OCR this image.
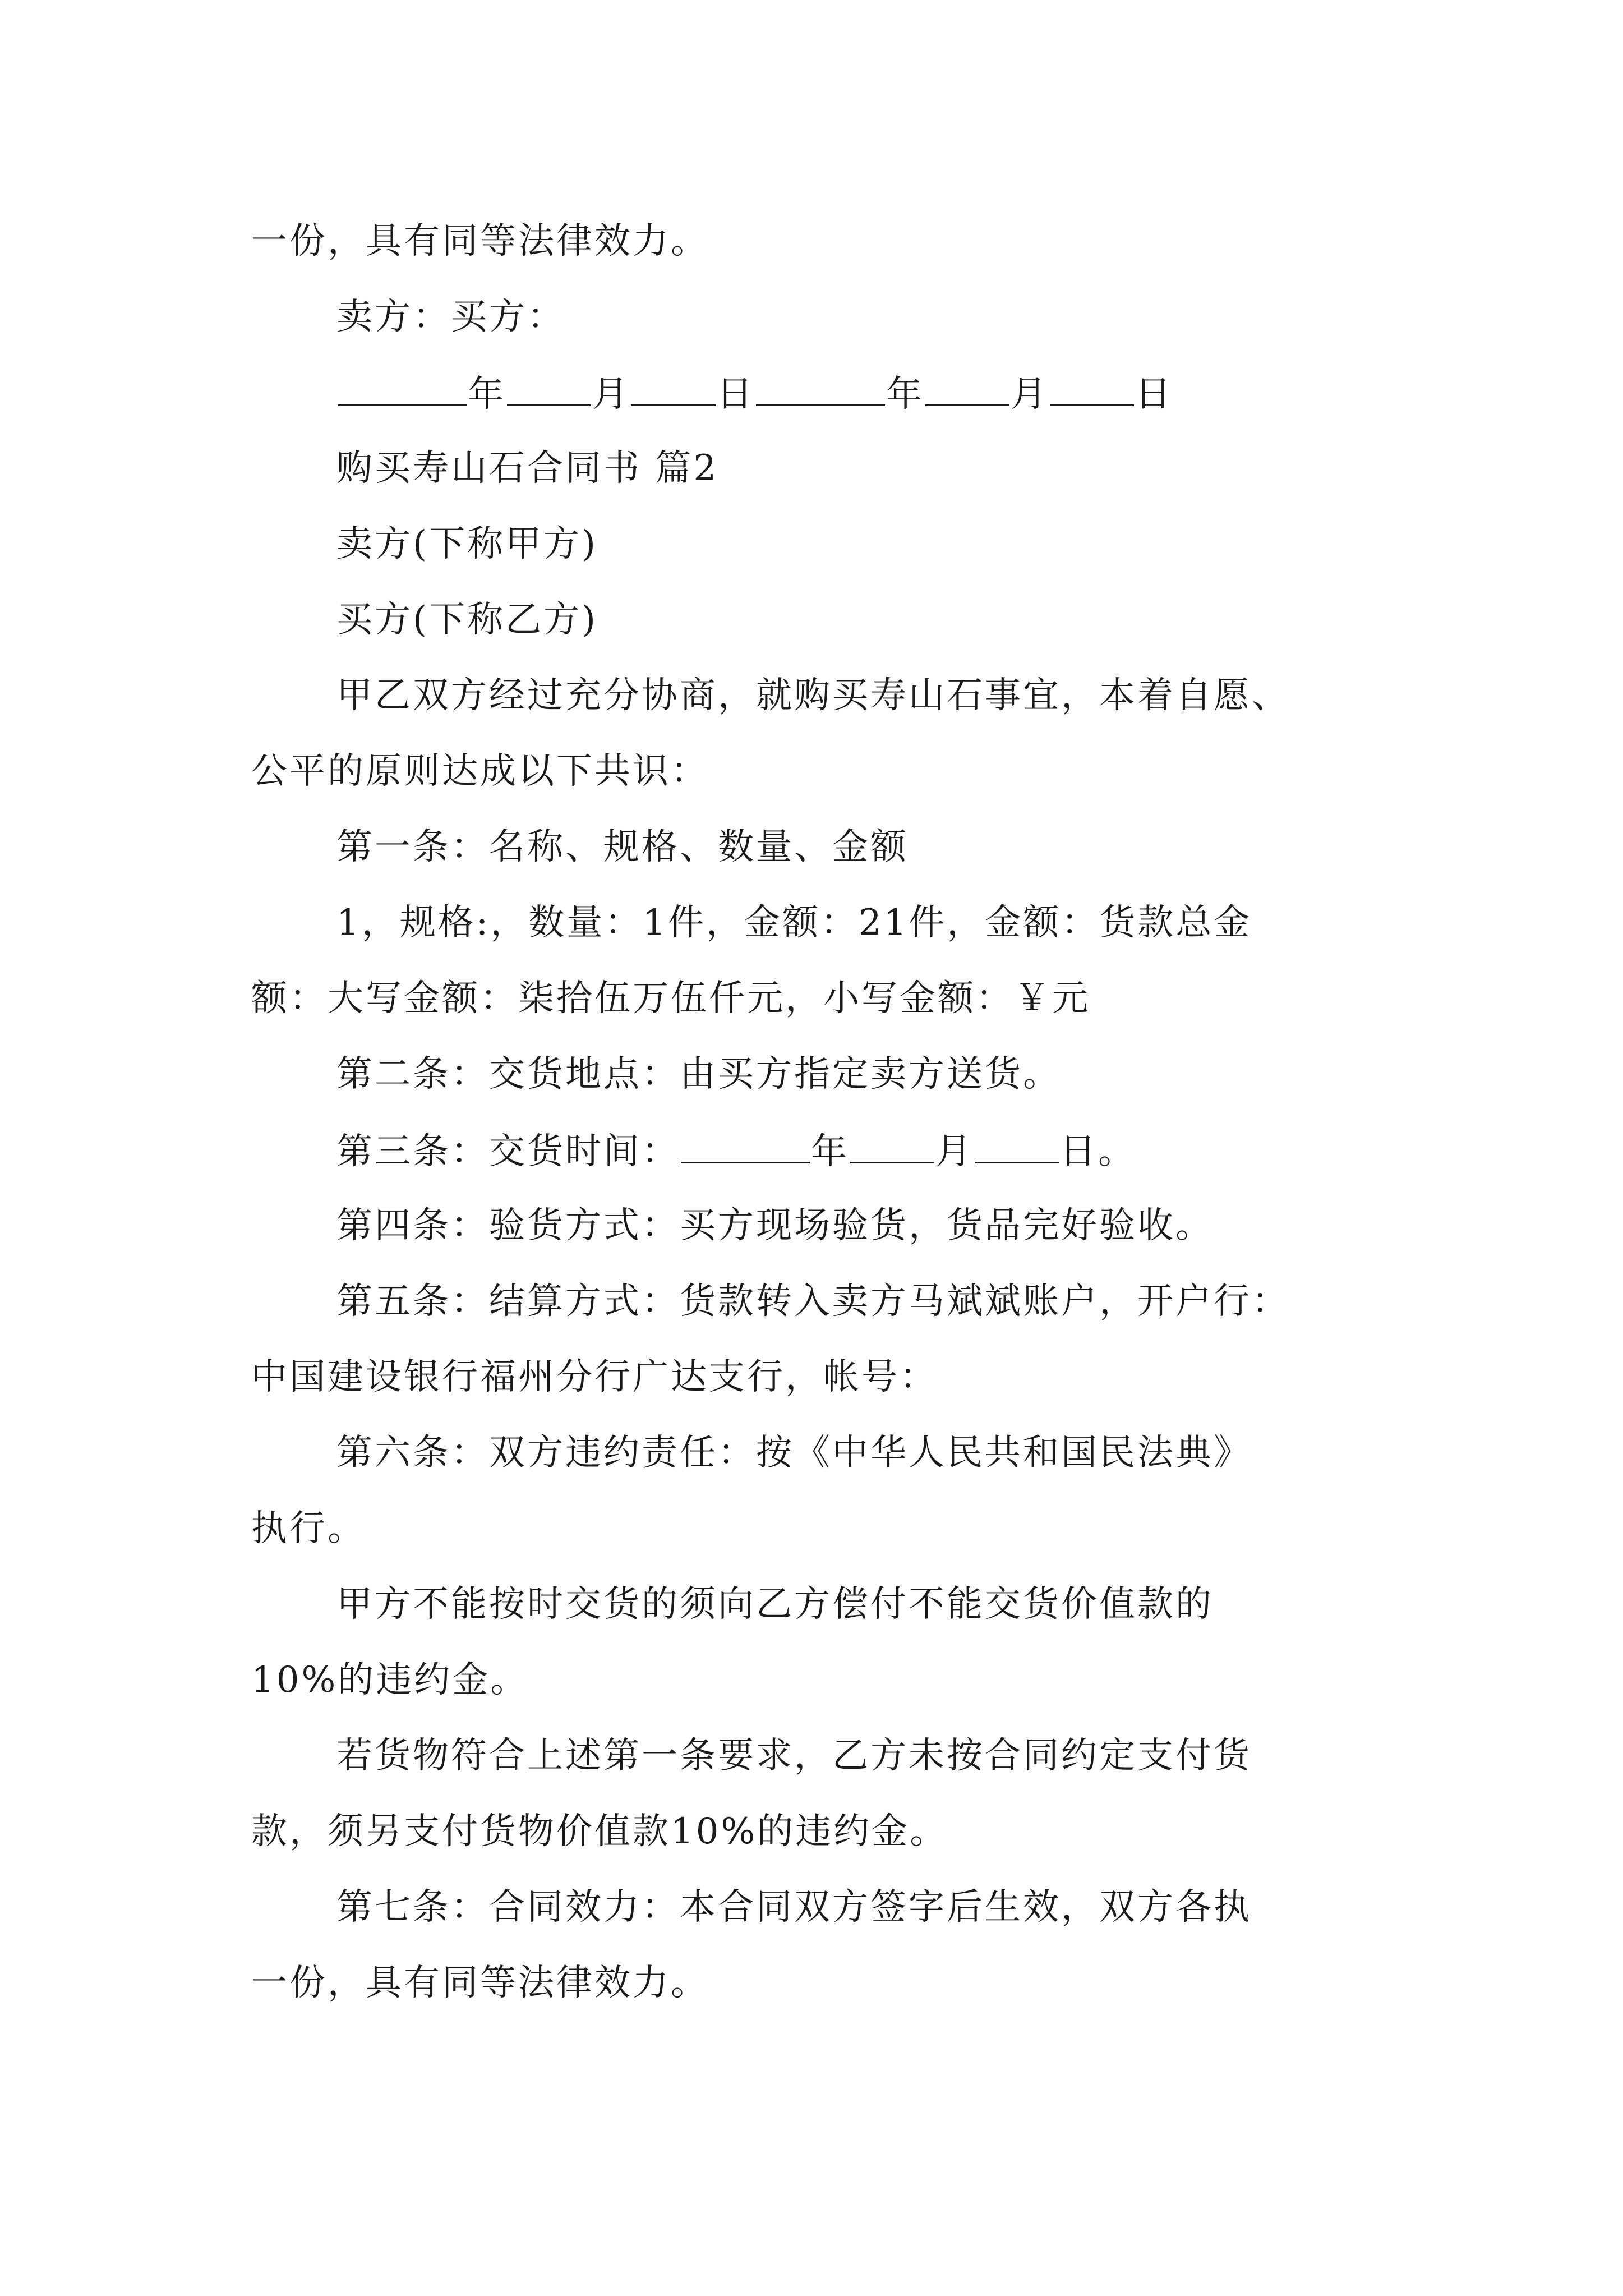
一份，具有同等法律效力。
卖方：买方：
年 月 日	年 月 日
购买寿山石合同书 篇2
卖方(下称甲方)
买方(下称乙方)
甲乙双方经过充分协商，就购买寿山石事宜，本着自愿、
公平的原则达成以下共识：
第一条：名称、规格、数量、金额
1，规格:，数量：1件，金额：21件，金额：货款总金
额：大写金额：柒拾伍万伍仟元，小写金额：￥元
第二条：交货地点：由买方指定卖方送货。
第三条：交货时间：	年 月 日。
第四条：验货方式：买方现场验货，货品完好验收。
第五条：结算方式：货款转入卖方马斌斌账户，开户行：
中国建设银行福州分行广达支行，帐号：
第六条：双方违约责任：按《中华人民共和国民法典》
执行。
甲方不能按时交货的须向乙方偿付不能交货价值款的
10%的违约金。
若货物符合上述第一条要求，乙方未按合同约定支付货
款，须另支付货物价值款10%的违约金。
第七条：合同效力：本合同双方签字后生效，双方各执
一份，具有同等法律效力。
